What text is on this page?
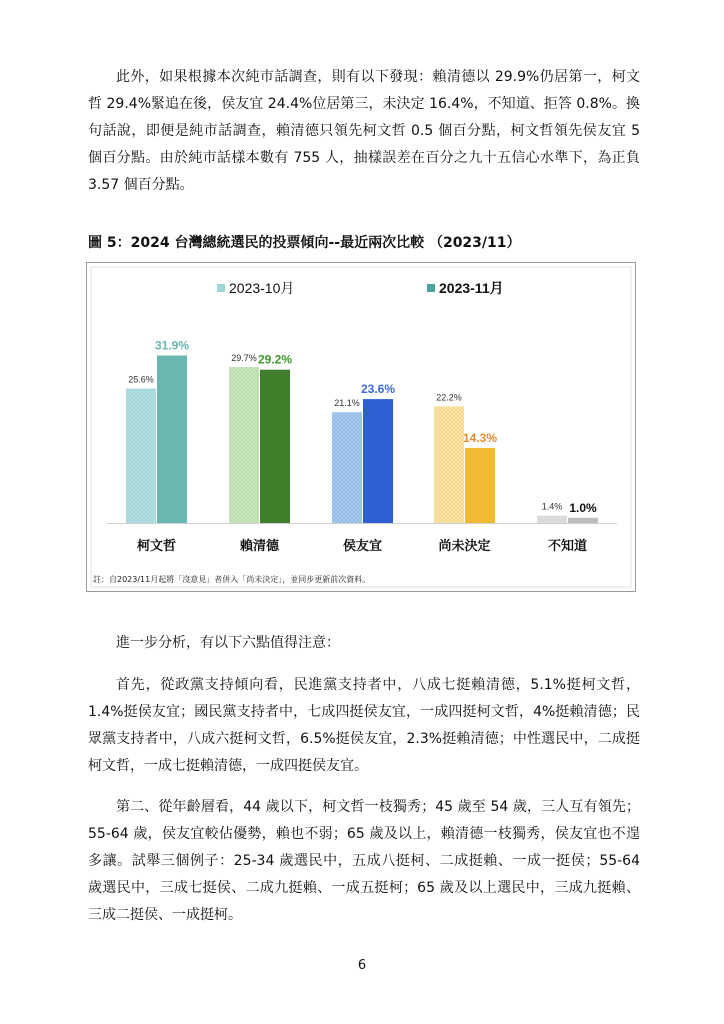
此外，如果根據本次純市話調查，則有以下發現：賴清德以 29.9%仍居第一，柯文哲 29.4%緊追在後，侯友宜 24.4%位居第三，未決定 16.4%，不知道、拒答 0.8%。換句話說，即便是純市話調查，賴清德只領先柯文哲 0.5 個百分點，柯文哲領先侯友宜 5 個百分點。由於純市話樣本數有 755 人，抽樣誤差在百分之九十五信心水準下，為正負 3.57 個百分點。

圖 5：2024 台灣總統選民的投票傾向--最近兩次比較 （2023/11）

2023-10月	2023-11月
25.6%
31.9%
柯文哲
29.7% 29.2%
賴清德
21.1%
23.6%
侯友宜
22.2%
14.3%
尚未決定
1.4% 1.0%
不知道

註：自2023/11月起將「沒意見」者併入「尚未決定」，並同步更新前次資料。

進一步分析，有以下六點值得注意：

首先，從政黨支持傾向看，民進黨支持者中，八成七挺賴清德，5.1%挺柯文哲，1.4%挺侯友宜；國民黨支持者中，七成四挺侯友宜，一成四挺柯文哲，4%挺賴清德；民眾黨支持者中，八成六挺柯文哲，6.5%挺侯友宜，2.3%挺賴清德；中性選民中，二成挺柯文哲，一成七挺賴清德，一成四挺侯友宜。

第二、從年齡層看，44 歲以下，柯文哲一枝獨秀；45 歲至 54 歲，三人互有領先；55-64 歲，侯友宜較佔優勢，賴也不弱；65 歲及以上，賴清德一枝獨秀，侯友宜也不遑多讓。試舉三個例子：25-34 歲選民中，五成八挺柯、二成挺賴、一成一挺侯；55-64 歲選民中，三成七挺侯、二成九挺賴、一成五挺柯；65 歲及以上選民中，三成九挺賴、三成二挺侯、一成挺柯。

6
